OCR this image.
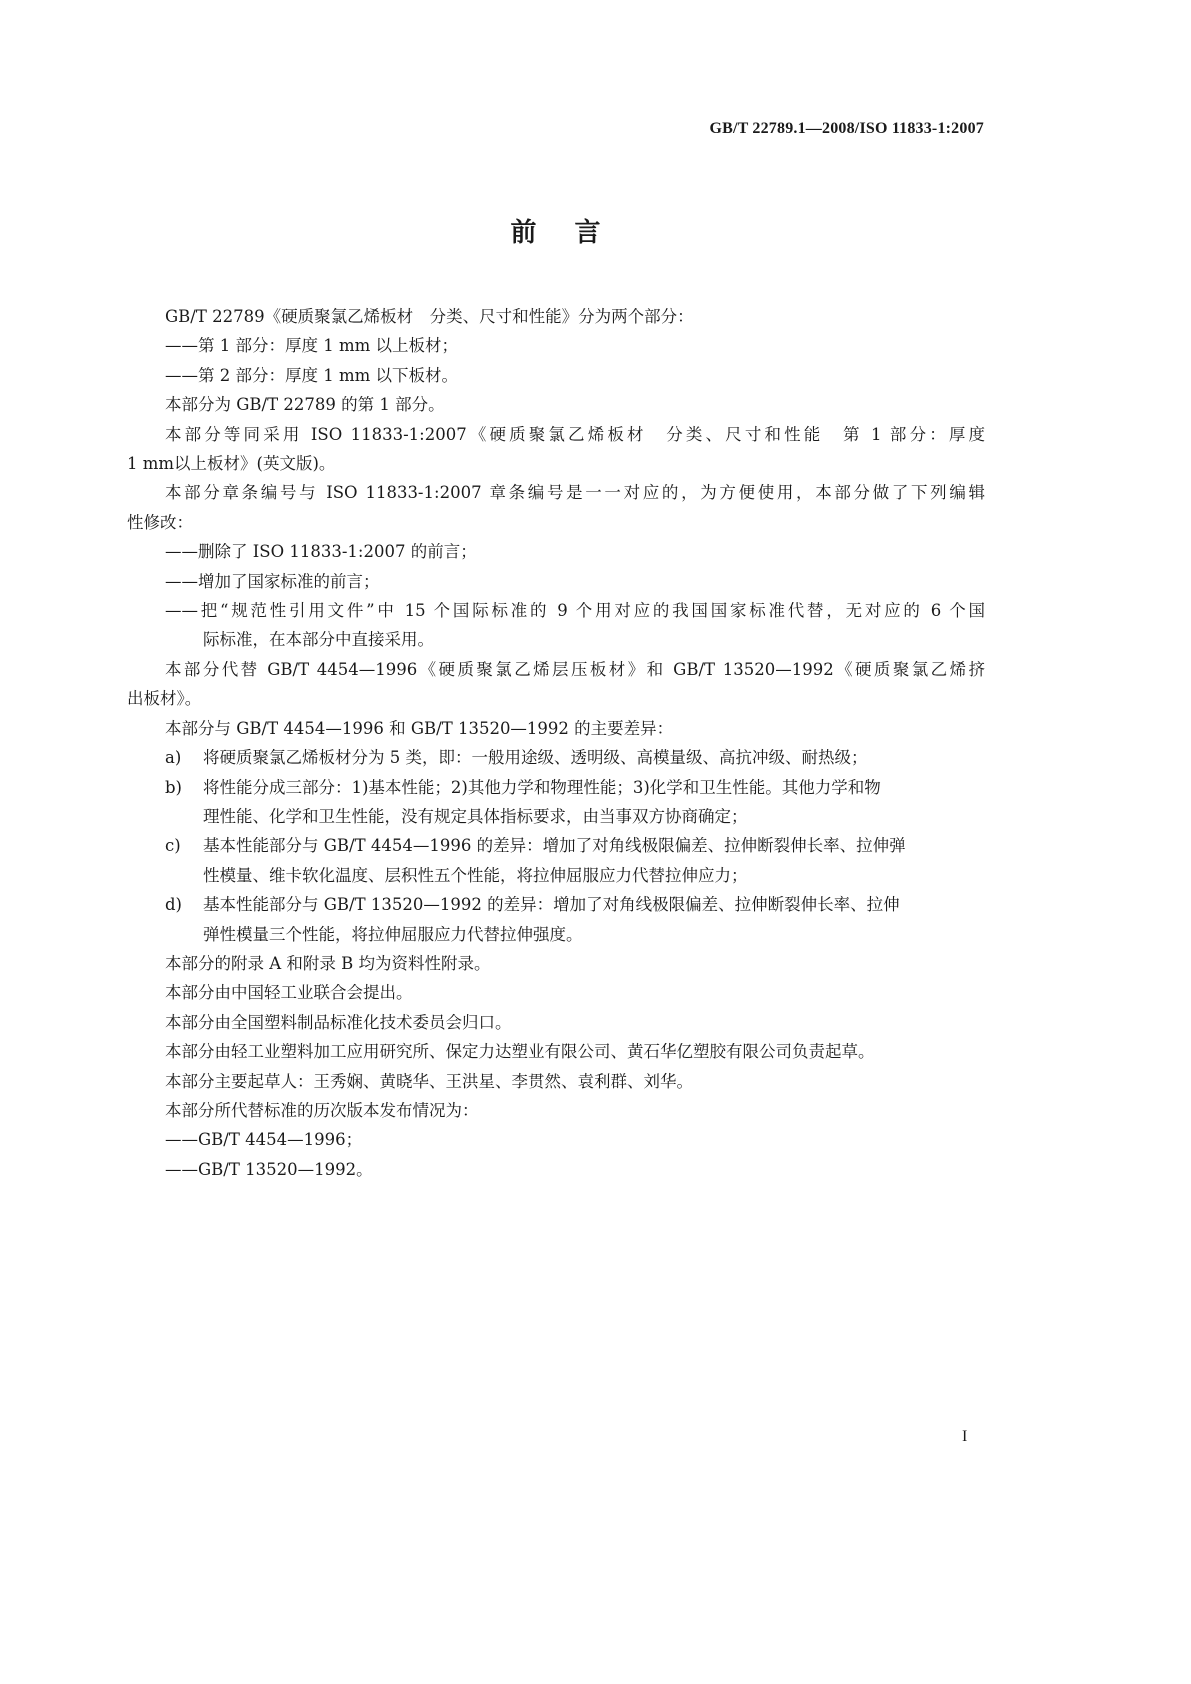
GB/T 22789.1—2008/ISO 11833-1:2007
前言
GB/T 22789《硬质聚氯乙烯板材　分类、尺寸和性能》分为两个部分：
——第 1 部分：厚度 1 mm 以上板材；
——第 2 部分：厚度 1 mm 以下板材。
本部分为 GB/T 22789 的第 1 部分。
本部分等同采用 ISO 11833-1:2007《硬质聚氯乙烯板材　分类、尺寸和性能　第 1 部分：厚度
1 mm以上板材》(英文版)。
本部分章条编号与 ISO 11833-1:2007 章条编号是一一对应的，为方便使用，本部分做了下列编辑
性修改：
——删除了 ISO 11833-1:2007 的前言；
——增加了国家标准的前言；
——把“规范性引用文件”中 15 个国际标准的 9 个用对应的我国国家标准代替，无对应的 6 个国
际标准，在本部分中直接采用。
本部分代替 GB/T 4454—1996《硬质聚氯乙烯层压板材》和 GB/T 13520—1992《硬质聚氯乙烯挤
出板材》。
本部分与 GB/T 4454—1996 和 GB/T 13520—1992 的主要差异：
a) 将硬质聚氯乙烯板材分为 5 类，即：一般用途级、透明级、高模量级、高抗冲级、耐热级；
b) 将性能分成三部分：1)基本性能；2)其他力学和物理性能；3)化学和卫生性能。其他力学和物
理性能、化学和卫生性能，没有规定具体指标要求，由当事双方协商确定；
c) 基本性能部分与 GB/T 4454—1996 的差异：增加了对角线极限偏差、拉伸断裂伸长率、拉伸弹
性模量、维卡软化温度、层积性五个性能，将拉伸屈服应力代替拉伸应力；
d) 基本性能部分与 GB/T 13520—1992 的差异：增加了对角线极限偏差、拉伸断裂伸长率、拉伸
弹性模量三个性能，将拉伸屈服应力代替拉伸强度。
本部分的附录 A 和附录 B 均为资料性附录。
本部分由中国轻工业联合会提出。
本部分由全国塑料制品标准化技术委员会归口。
本部分由轻工业塑料加工应用研究所、保定力达塑业有限公司、黄石华亿塑胶有限公司负责起草。
本部分主要起草人：王秀娴、黄晓华、王洪星、李贯然、袁利群、刘华。
本部分所代替标准的历次版本发布情况为：
——GB/T 4454—1996；
——GB/T 13520—1992。
I
